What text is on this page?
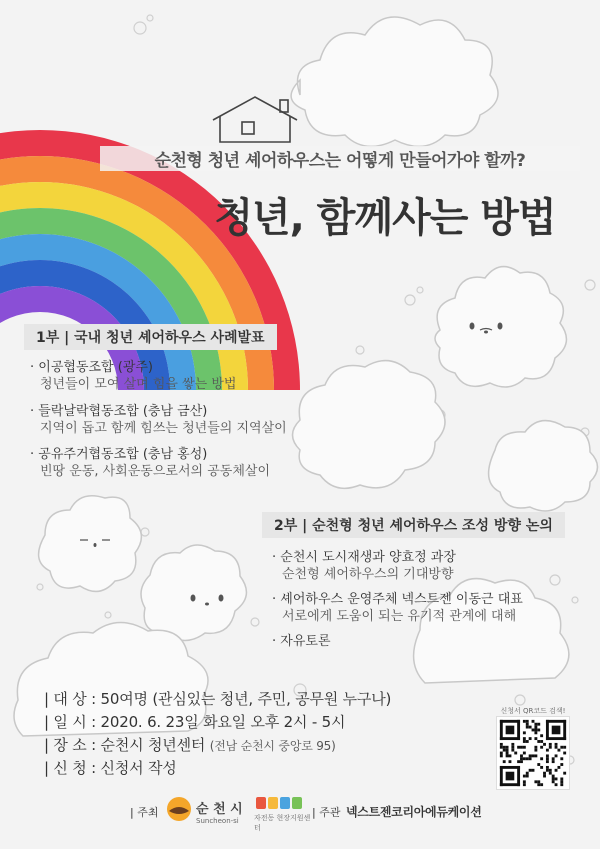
순천형 청년 셰어하우스는 어떻게 만들어가야 할까?
청년, 함께사는 방법
1부 | 국내 청년 셰어하우스 사례발표
· 이공협동조합 (광주)
청년들이 모여 살며 힘을 쌓는 방법
· 들락날락협동조합 (충남 금산)
지역이 돕고 함께 힘쓰는 청년들의 지역살이
· 공유주거협동조합 (충남 홍성)
빈땅 운동, 사회운동으로서의 공동체살이
2부 | 순천형 청년 셰어하우스 조성 방향 논의
· 순천시 도시재생과 양효정 과장
순천형 셰어하우스의 기대방향
· 셰어하우스 운영주체 넥스트젠 이동근 대표
서로에게 도움이 되는 유기적 관계에 대해
· 자유토론
| 대 상 : 50여명 (관심있는 청년, 주민, 공무원 누구나)
| 일 시 : 2020. 6. 23일 화요일 오후 2시 - 5시
| 장 소 : 순천시 청년센터 (전남 순천시 중앙로 95)
| 신 청 : 신청서 작성
신청서 QR코드 검색!
| 주최	순 천 시
Suncheon-si	자전동 현장지원센터
| 주관 넥스트젠코리아에듀케이션
